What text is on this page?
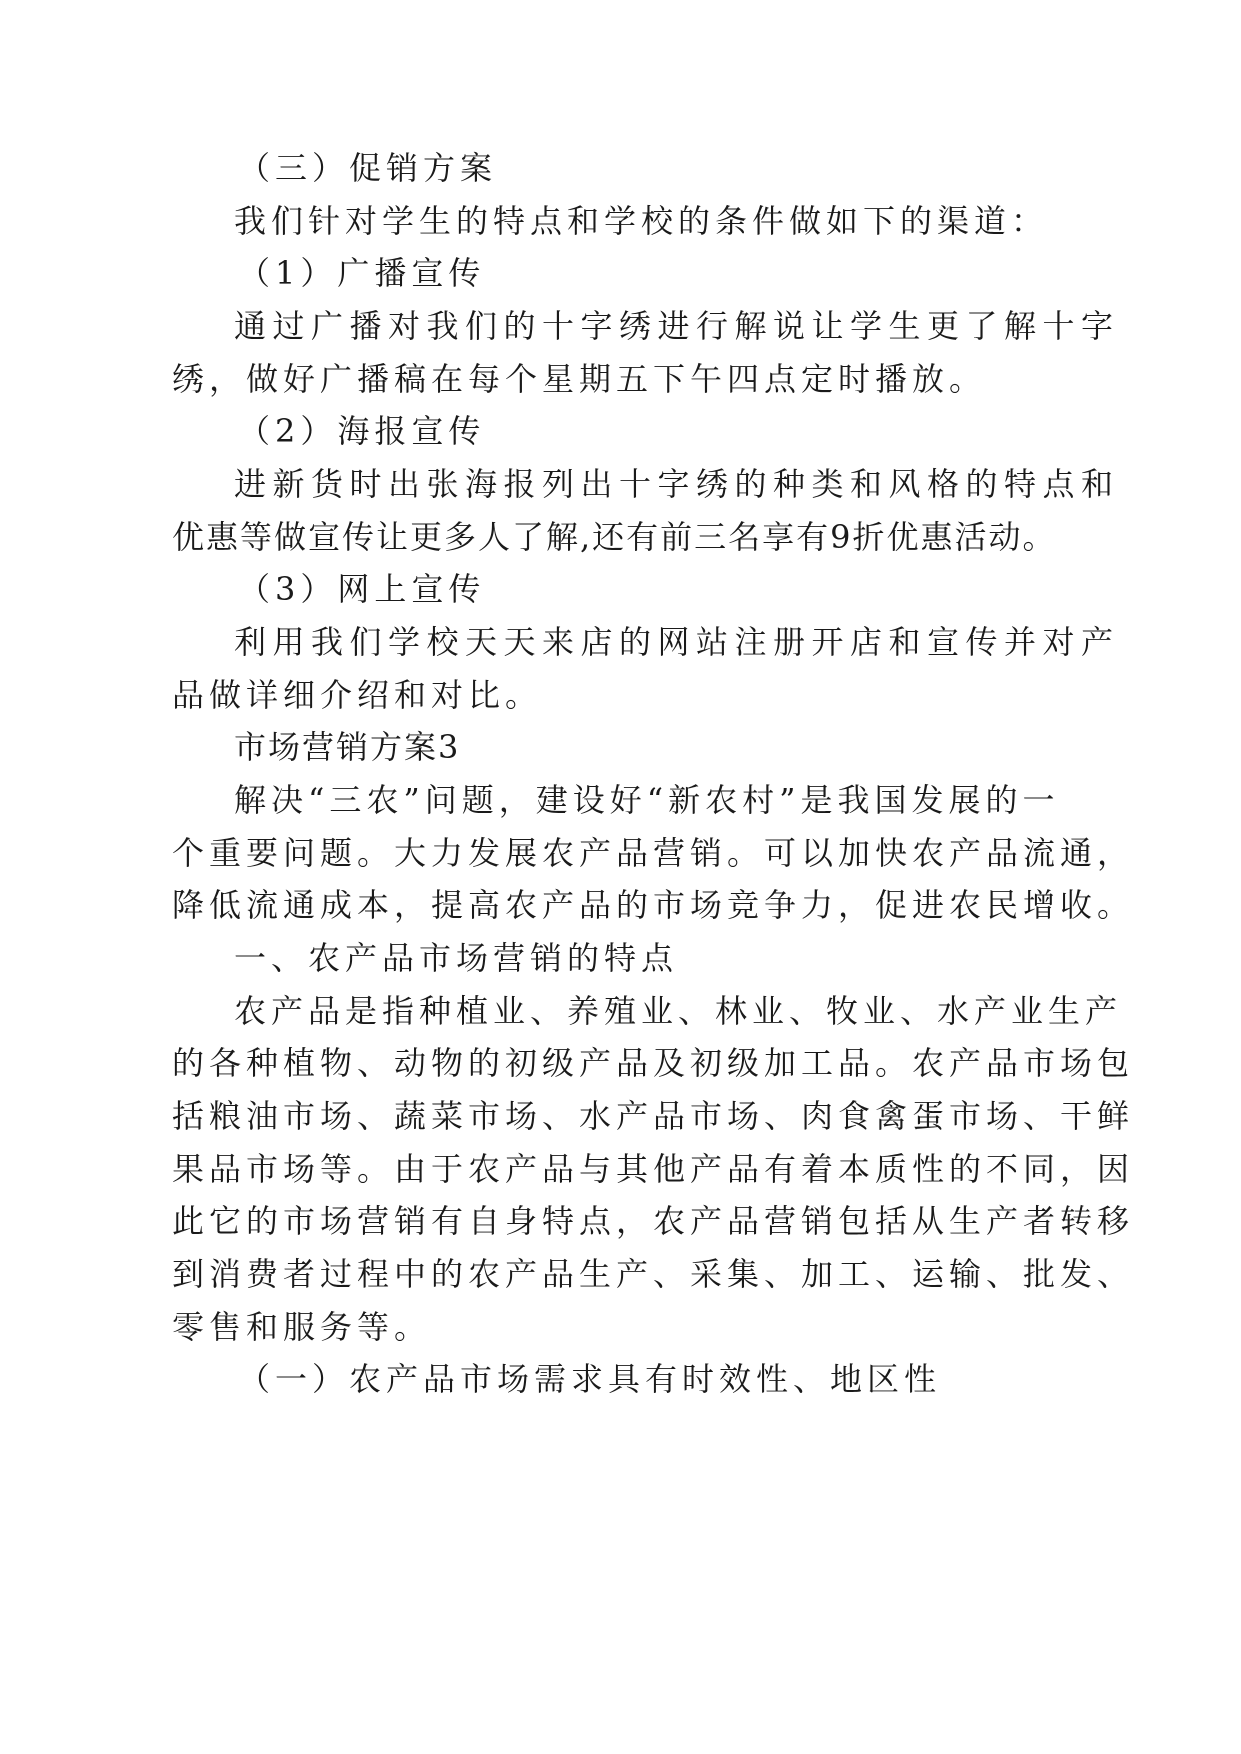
（三）促销方案
我们针对学生的特点和学校的条件做如下的渠道：
（1）广播宣传
通过广播对我们的十字绣进行解说让学生更了解十字
绣，做好广播稿在每个星期五下午四点定时播放。
（2）海报宣传
进新货时出张海报列出十字绣的种类和风格的特点和
优惠等做宣传让更多人了解,还有前三名享有9折优惠活动。
（3）网上宣传
利用我们学校天天来店的网站注册开店和宣传并对产
品做详细介绍和对比。
市场营销方案3
解决“三农”问题，建设好“新农村”是我国发展的一
个重要问题。大力发展农产品营销。可以加快农产品流通，
降低流通成本，提高农产品的市场竞争力，促进农民增收。
一、农产品市场营销的特点
农产品是指种植业、养殖业、林业、牧业、水产业生产
的各种植物、动物的初级产品及初级加工品。农产品市场包
括粮油市场、蔬菜市场、水产品市场、肉食禽蛋市场、干鲜
果品市场等。由于农产品与其他产品有着本质性的不同，因
此它的市场营销有自身特点，农产品营销包括从生产者转移
到消费者过程中的农产品生产、采集、加工、运输、批发、
零售和服务等。
（一）农产品市场需求具有时效性、地区性
